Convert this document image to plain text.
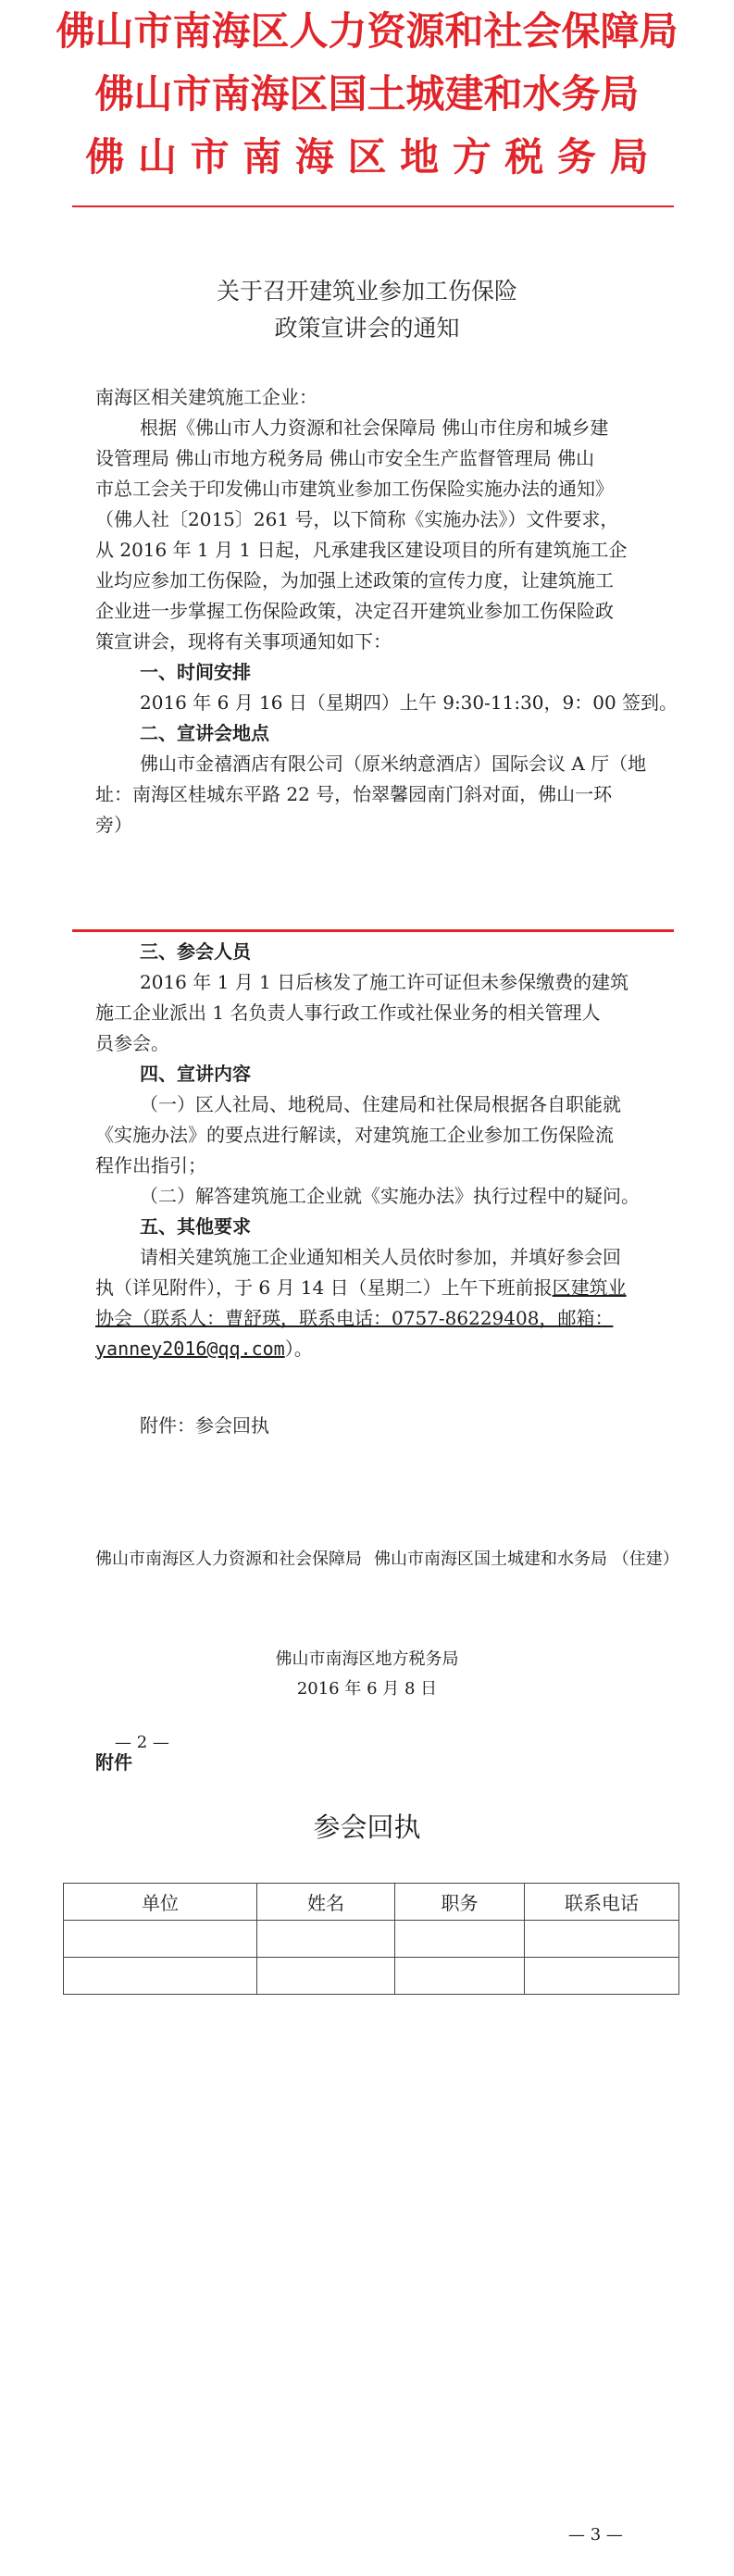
佛山市南海区人力资源和社会保障局
佛山市南海区国土城建和水务局
佛 山 市 南 海 区 地 方 税 务 局
关于召开建筑业参加工伤保险
政策宣讲会的通知
南海区相关建筑施工企业：
根据《佛山市人力资源和社会保障局 佛山市住房和城乡建
设管理局 佛山市地方税务局 佛山市安全生产监督管理局 佛山
市总工会关于印发佛山市建筑业参加工伤保险实施办法的通知》
（佛人社〔2015〕261 号，以下简称《实施办法》）文件要求，
从 2016 年 1 月 1 日起，凡承建我区建设项目的所有建筑施工企
业均应参加工伤保险，为加强上述政策的宣传力度，让建筑施工
企业进一步掌握工伤保险政策，决定召开建筑业参加工伤保险政
策宣讲会，现将有关事项通知如下：
一、时间安排
2016 年 6 月 16 日（星期四）上午 9:30-11:30，9：00 签到。
二、宣讲会地点
佛山市金禧酒店有限公司（原米纳意酒店）国际会议 A 厅（地
址：南海区桂城东平路 22 号，怡翠馨园南门斜对面，佛山一环
旁）
三、参会人员
2016 年 1 月 1 日后核发了施工许可证但未参保缴费的建筑
施工企业派出 1 名负责人事行政工作或社保业务的相关管理人
员参会。
四、宣讲内容
（一）区人社局、地税局、住建局和社保局根据各自职能就
《实施办法》的要点进行解读，对建筑施工企业参加工伤保险流
程作出指引；
（二）解答建筑施工企业就《实施办法》执行过程中的疑问。
五、其他要求
请相关建筑施工企业通知相关人员依时参加，并填好参会回
执（详见附件），于 6 月 14 日（星期二）上午下班前报区建筑业
协会（联系人：曹舒瑛，联系电话：0757-86229408，邮箱：
yanney2016@qq.com）。
附件：参会回执
佛山市南海区人力资源和社会保障局 佛山市南海区国土城建和水务局 （住建）
佛山市南海区地方税务局
2016 年 6 月 8 日
— 2 —
附件
参会回执
单位	姓名	职务	联系电话

— 3 —
